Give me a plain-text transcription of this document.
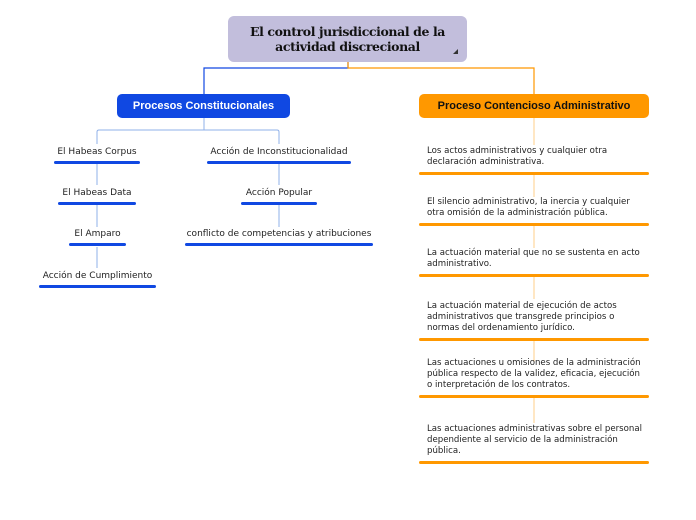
El control jurisdiccional de la actividad discrecional
Procesos Constitucionales	Proceso Contencioso Administrativo
El Habeas Corpus
El Habeas Data
El Amparo
Acción de Cumplimiento
Acción de Inconstitucionalidad
Acción Popular
conflicto de competencias y atribuciones
Los actos administrativos y cualquier otra declaración administrativa.
El silencio administrativo, la inercia y cualquier otra omisión de la administración pública.
La actuación material que no se sustenta en acto administrativo.
La actuación material de ejecución de actos administrativos que transgrede principios o normas del ordenamiento jurídico.
Las actuaciones u omisiones de la administración pública respecto de la validez, eficacia, ejecución o interpretación de los contratos.
Las actuaciones administrativas sobre el personal dependiente al servicio de la administración pública.
